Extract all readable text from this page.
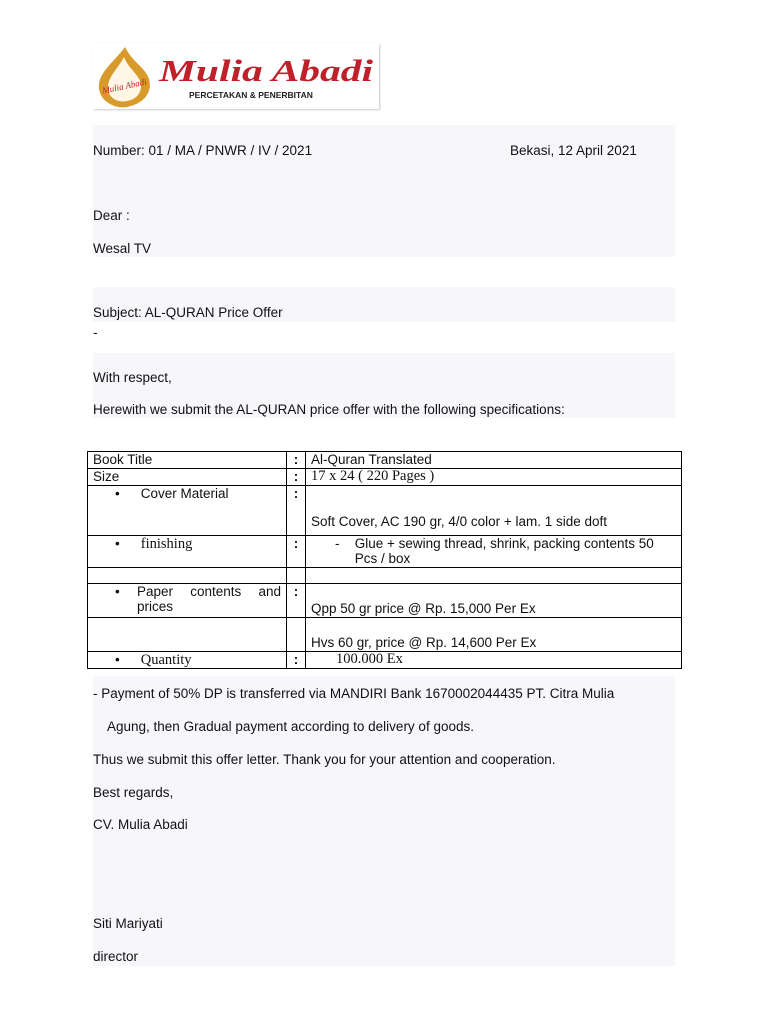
Mulia Abadi Mulia Abadi
PERCETAKAN & PENERBITAN
Number: 01 / MA / PNWR / IV / 2021	Bekasi, 12 April 2021
Dear :
Wesal TV
Subject: AL-QURAN Price Offer
-
With respect,
Herewith we submit the AL-QURAN price offer with the following specifications:
Book Title	:	Al-Quran Translated
Size	:	17 x 24 ( 220 Pages )
• Cover Material	:	Soft Cover, AC 190 gr, 4/0 color + lam. 1 side doft
• finishing	:	- Glue + sewing thread, shrink, packing contents 50 Pcs / box

• Paper contents and
prices	:	Qpp 50 gr price @ Rp. 15,000 Per Ex
		Hvs 60 gr, price @ Rp. 14,600 Per Ex
• Quantity	:	100.000 Ex
- Payment of 50% DP is transferred via MANDIRI Bank 1670002044435 PT. Citra Mulia
Agung, then Gradual payment according to delivery of goods.
Thus we submit this offer letter. Thank you for your attention and cooperation.
Best regards,
CV. Mulia Abadi
Siti Mariyati
director
